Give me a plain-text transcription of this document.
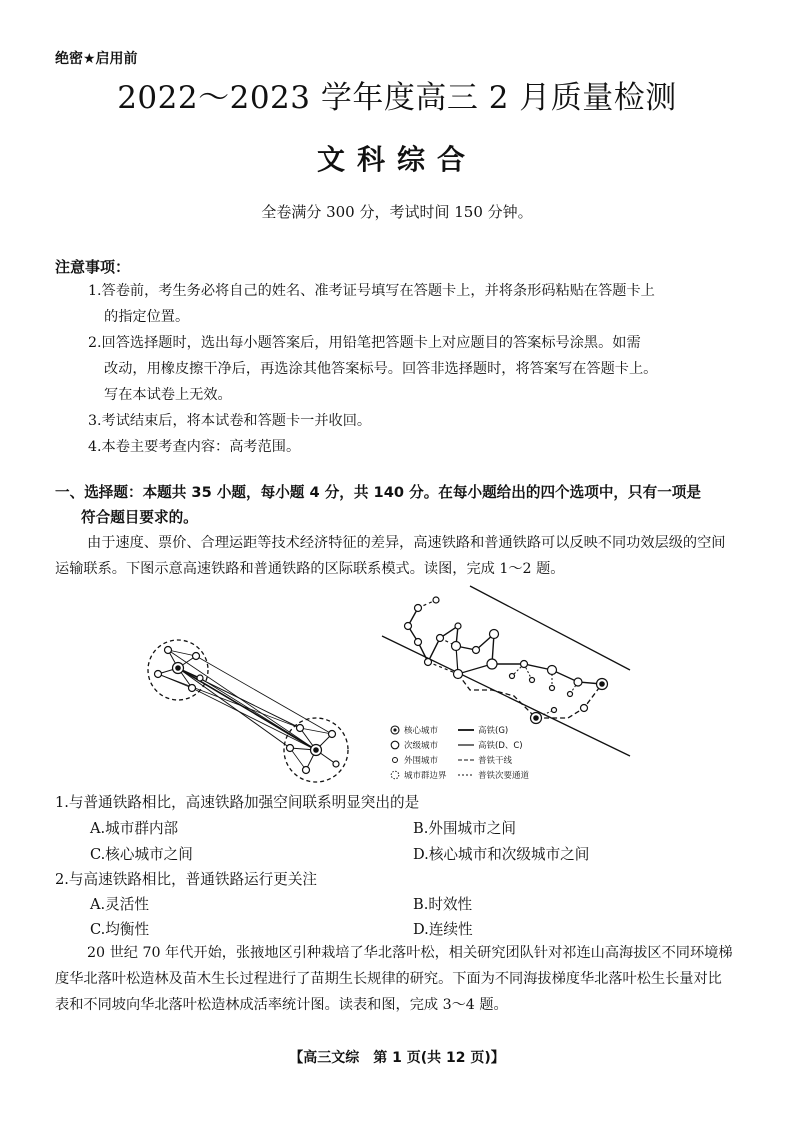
绝密★启用前
2022～2023 学年度高三 2 月质量检测
文科综合
全卷满分 300 分，考试时间 150 分钟。
注意事项：
1.答卷前，考生务必将自己的姓名、准考证号填写在答题卡上，并将条形码粘贴在答题卡上
的指定位置。
2.回答选择题时，选出每小题答案后，用铅笔把答题卡上对应题目的答案标号涂黑。如需
改动，用橡皮擦干净后，再选涂其他答案标号。回答非选择题时，将答案写在答题卡上。
写在本试卷上无效。
3.考试结束后，将本试卷和答题卡一并收回。
4.本卷主要考查内容：高考范围。
一、选择题：本题共 35 小题，每小题 4 分，共 140 分。在每小题给出的四个选项中，只有一项是
符合题目要求的。
由于速度、票价、合理运距等技术经济特征的差异，高速铁路和普通铁路可以反映不同功效层级的空间运输联系。下图示意高速铁路和普通铁路的区际联系模式。读图，完成 1～2 题。
核心城市
次级城市
外围城市
城市群边界
高铁(G)
高铁(D、C)
普铁干线
普铁次要通道
1.与普通铁路相比，高速铁路加强空间联系明显突出的是
A.城市群内部	B.外围城市之间
C.核心城市之间	D.核心城市和次级城市之间
2.与高速铁路相比，普通铁路运行更关注
A.灵活性	B.时效性
C.均衡性	D.连续性
20 世纪 70 年代开始，张掖地区引种栽培了华北落叶松，相关研究团队针对祁连山高海拔区不同环境梯度华北落叶松造林及苗木生长过程进行了苗期生长规律的研究。下面为不同海拔梯度华北落叶松生长量对比表和不同坡向华北落叶松造林成活率统计图。读表和图，完成 3～4 题。
【高三文综　第 1 页(共 12 页)】
